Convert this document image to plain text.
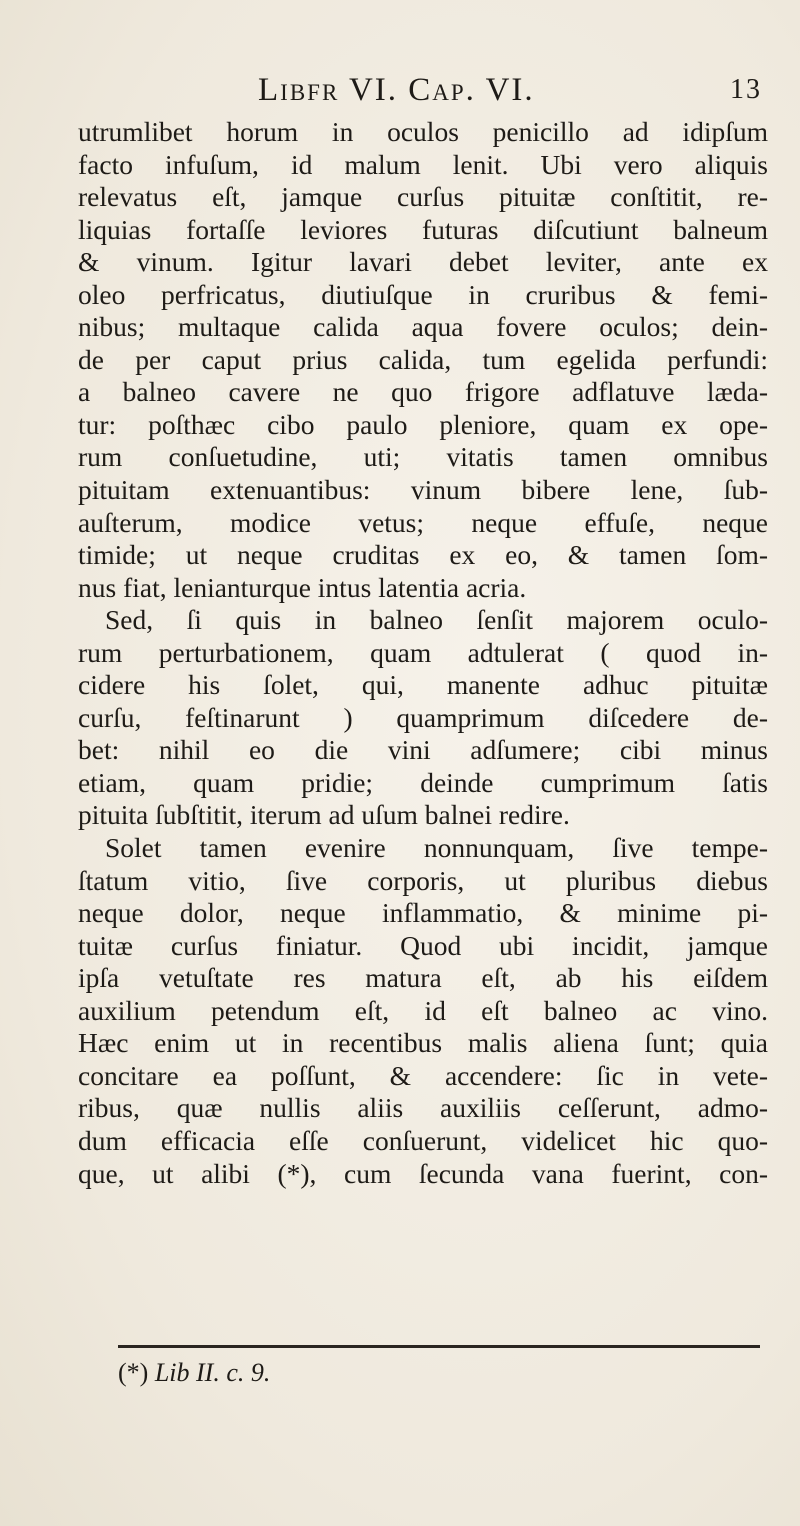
Libfr VI. Cap. VI.	13
utrumlibet horum in oculos penicillo ad idipſum
facto infuſum, id malum lenit. Ubi vero aliquis
relevatus eſt, jamque curſus pituitæ conſtitit, re-
liquias fortaſſe leviores futuras diſcutiunt balneum
& vinum. Igitur lavari debet leviter, ante ex
oleo perfricatus, diutiuſque in cruribus & femi-
nibus; multaque calida aqua fovere oculos; dein-
de per caput prius calida, tum egelida perfundi:
a balneo cavere ne quo frigore adflatuve læda-
tur: poſthæc cibo paulo pleniore, quam ex ope-
rum conſuetudine, uti; vitatis tamen omnibus
pituitam extenuantibus: vinum bibere lene, ſub-
auſterum, modice vetus; neque effuſe, neque
timide; ut neque cruditas ex eo, & tamen ſom-
nus fiat, lenianturque intus latentia acria.
Sed, ſi quis in balneo ſenſit majorem oculo-
rum perturbationem, quam adtulerat ( quod in-
cidere his ſolet, qui, manente adhuc pituitæ
curſu, feſtinarunt ) quamprimum diſcedere de-
bet: nihil eo die vini adſumere; cibi minus
etiam, quam pridie; deinde cumprimum ſatis
pituita ſubſtitit, iterum ad uſum balnei redire.
Solet tamen evenire nonnunquam, ſive tempe-
ſtatum vitio, ſive corporis, ut pluribus diebus
neque dolor, neque inflammatio, & minime pi-
tuitæ curſus finiatur. Quod ubi incidit, jamque
ipſa vetuſtate res matura eſt, ab his eiſdem
auxilium petendum eſt, id eſt balneo ac vino.
Hæc enim ut in recentibus malis aliena ſunt; quia
concitare ea poſſunt, & accendere: ſic in vete-
ribus, quæ nullis aliis auxiliis ceſſerunt, admo-
dum efficacia eſſe conſuerunt, videlicet hic quo-
que, ut alibi (*), cum ſecunda vana fuerint, con-
(*) Lib II. c. 9.
